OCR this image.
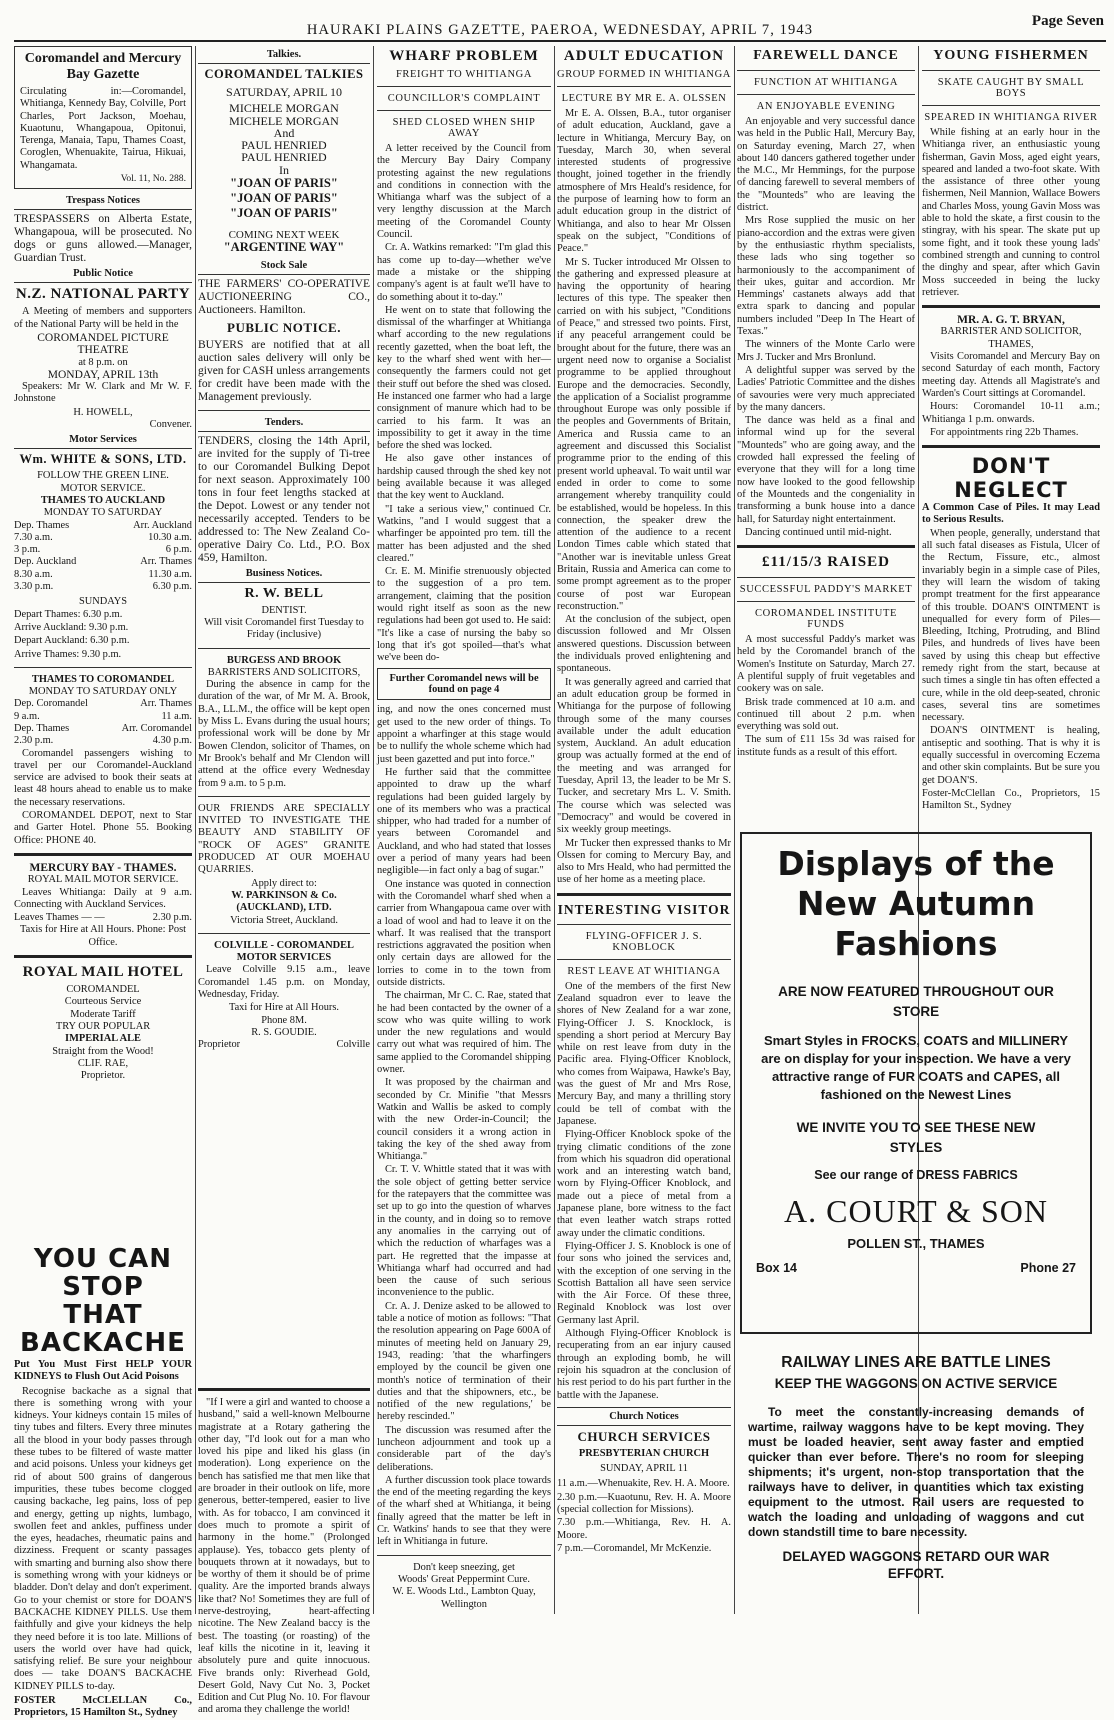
HAURAKI PLAINS GAZETTE, PAEROA, WEDNESDAY, APRIL 7, 1943
Page Seven
Coromandel and Mercury Bay Gazette

Circulating in:—Coromandel, Whitianga, Kennedy Bay, Colville, Port Charles, Port Jackson, Moehau, Kuaotunu, Whangapoua, Opitonui, Terenga, Manaia, Tapu, Thames Coast, Coroglen, Whenuakite, Tairua, Hikuai, Whangamata.

Vol. 11, No. 288.
Trespass Notices

TRESPASSERS on Alberta Estate, Whangapoua, will be prosecuted. No dogs or guns allowed.—Manager, Guardian Trust.

Public Notice
N.Z. NATIONAL PARTY

A Meeting of members and supporters of the National Party will be held in the

COROMANDEL PICTURE THEATRE

at 8 p.m. on

MONDAY, APRIL 13th

Speakers: Mr W. Clark and Mr W. F. Johnstone

H. HOWELL,

Convener.

Motor Services
Wm. WHITE & SONS, LTD.

FOLLOW THE GREEN LINE.

MOTOR SERVICE.

THAMES TO AUCKLAND

MONDAY TO SATURDAY

Dep. Thames	Arr. Auckland
7.30 a.m.	10.30 a.m.
3 p.m.	6 p.m.
Dep. Auckland	Arr. Thames
8.30 a.m.	11.30 a.m.
3.30 p.m.	6.30 p.m.

SUNDAYS

Depart Thames: 6.30 p.m.

Arrive Auckland: 9.30 p.m.

Depart Auckland: 6.30 p.m.

Arrive Thames: 9.30 p.m.

THAMES TO COROMANDEL

MONDAY TO SATURDAY ONLY

Dep. Coromandel	Arr. Thames
9 a.m.	11 a.m.
Dep. Thames	Arr. Coromandel
2.30 p.m.	4.30 p.m.

Coromandel passengers wishing to travel per our Coromandel-Auckland service are advised to book their seats at least 48 hours ahead to enable us to make the necessary reservations.

COROMANDEL DEPOT, next to Star and Garter Hotel. Phone 55. Booking Office: PHONE 40.

MERCURY BAY - THAMES.

ROYAL MAIL MOTOR SERVICE.

Leaves Whitianga: Daily at 9 a.m. Connecting with Auckland Services.

Leaves Thames — —	2.30 p.m.

Taxis for Hire at All Hours. Phone: Post Office.

ROYAL MAIL HOTEL

COROMANDEL

Courteous Service

Moderate Tariff

TRY OUR POPULAR

IMPERIAL ALE

Straight from the Wood!

CLIF. RAE,

Proprietor.

YOU CAN STOP
THAT BACKACHE

Put You Must First HELP YOUR KIDNEYS to Flush Out Acid Poisons

Recognise backache as a signal that there is something wrong with your kidneys. Your kidneys contain 15 miles of tiny tubes and filters. Every three minutes all the blood in your body passes through these tubes to be filtered of waste matter and acid poisons. Unless your kidneys get rid of about 500 grains of dangerous impurities, these tubes become clogged causing backache, leg pains, loss of pep and energy, getting up nights, lumbago, swollen feet and ankles, puffiness under the eyes, headaches, rheumatic pains and dizziness. Frequent or scanty passages with smarting and burning also show there is something wrong with your kidneys or bladder. Don't delay and don't experiment. Go to your chemist or store for DOAN'S BACKACHE KIDNEY PILLS. Use them faithfully and give your kidneys the help they need before it is too late. Millions of users the world over have had quick, satisfying relief. Be sure your neighbour does — take DOAN'S BACKACHE KIDNEY PILLS to-day.

FOSTER McCLELLAN Co., Proprietors, 15 Hamilton St., Sydney

Talkies.
COROMANDEL TALKIES

SATURDAY, APRIL 10

MICHELE MORGAN

MICHELE MORGAN

And

PAUL HENRIED

PAUL HENRIED

In

"JOAN OF PARIS"

"JOAN OF PARIS"

"JOAN OF PARIS"

COMING NEXT WEEK

"ARGENTINE WAY"

Stock Sale

THE FARMERS' CO-OPERATIVE AUCTIONEERING CO., Auctioneers. Hamilton.

PUBLIC NOTICE.

BUYERS are notified that at all auction sales delivery will only be given for CASH unless arrangements for credit have been made with the Management previously.

Tenders.

TENDERS, closing the 14th April, are invited for the supply of Ti-tree to our Coromandel Bulking Depot for next season. Approximately 100 tons in four feet lengths stacked at the Depot. Lowest or any tender not necessarily accepted. Tenders to be addressed to: The New Zealand Co-operative Dairy Co. Ltd., P.O. Box 459, Hamilton.

Business Notices.
R. W. BELL

DENTIST.

Will visit Coromandel first Tuesday to Friday (inclusive)

BURGESS AND BROOK

BARRISTERS AND SOLICITORS,

During the absence in camp for the duration of the war, of Mr M. A. Brook, B.A., LL.M., the office will be kept open by Miss L. Evans during the usual hours; professional work will be done by Mr Bowen Clendon, solicitor of Thames, on Mr Brook's behalf and Mr Clendon will attend at the office every Wednesday from 9 a.m. to 5 p.m.

OUR FRIENDS ARE SPECIALLY INVITED TO INVESTIGATE THE BEAUTY AND STABILITY OF "ROCK OF AGES" GRANITE PRODUCED AT OUR MOEHAU QUARRIES.

Apply direct to:

W. PARKINSON & Co. (AUCKLAND), LTD.

Victoria Street, Auckland.

COLVILLE - COROMANDEL MOTOR SERVICES

Leave Colville 9.15 a.m., leave Coromandel 1.45 p.m. on Monday, Wednesday, Friday.

Taxi for Hire at All Hours.

Phone 8M.

R. S. GOUDIE.

Proprietor	Colville

"If I were a girl and wanted to choose a husband," said a well-known Melbourne magistrate at a Rotary gathering the other day, "I'd look out for a man who loved his pipe and liked his glass (in moderation). Long experience on the bench has satisfied me that men like that are broader in their outlook on life, more generous, better-tempered, easier to live with. As for tobacco, I am convinced it does much to promote a spirit of harmony in the home." (Prolonged applause). Yes, tobacco gets plenty of bouquets thrown at it nowadays, but to be worthy of them it should be of prime quality. Are the imported brands always like that? No! Sometimes they are full of nerve-destroying, heart-affecting nicotine. The New Zealand baccy is the best. The toasting (or roasting) of the leaf kills the nicotine in it, leaving it absolutely pure and quite innocuous. Five brands only: Riverhead Gold, Desert Gold, Navy Cut No. 3, Pocket Edition and Cut Plug No. 10. For flavour and aroma they challenge the world!

WHARF PROBLEM
FREIGHT TO WHITIANGA
COUNCILLOR'S COMPLAINT
SHED CLOSED WHEN SHIP AWAY

A letter received by the Council from the Mercury Bay Dairy Company protesting against the new regulations and conditions in connection with the Whitianga wharf was the subject of a very lengthy discussion at the March meeting of the Coromandel County Council.

Cr. A. Watkins remarked: "I'm glad this has come up to-day—whether we've made a mistake or the shipping company's agent is at fault we'll have to do something about it to-day."

He went on to state that following the dismissal of the wharfinger at Whitianga wharf according to the new regulations recently gazetted, when the boat left, the key to the wharf shed went with her—consequently the farmers could not get their stuff out before the shed was closed. He instanced one farmer who had a large consignment of manure which had to be carried to his farm. It was an impossibility to get it away in the time before the shed was locked.

He also gave other instances of hardship caused through the shed key not being available because it was alleged that the key went to Auckland.

"I take a serious view," continued Cr. Watkins, "and I would suggest that a wharfinger be appointed pro tem. till the matter has been adjusted and the shed cleared."

Cr. E. M. Minifie strenuously objected to the suggestion of a pro tem. arrangement, claiming that the position would right itself as soon as the new regulations had been got used to. He said: "It's like a case of nursing the baby so long that it's got spoiled—that's what we've been do-

Further Coromandel news will be found on page 4

ing, and now the ones concerned must get used to the new order of things. To appoint a wharfinger at this stage would be to nullify the whole scheme which had just been gazetted and put into force."

He further said that the committee appointed to draw up the wharf regulations had been guided largely by one of its members who was a practical shipper, who had traded for a number of years between Coromandel and Auckland, and who had stated that losses over a period of many years had been negligible—in fact only a bag of sugar."

One instance was quoted in connection with the Coromandel wharf shed when a carrier from Whangapoua came over with a load of wool and had to leave it on the wharf. It was realised that the transport restrictions aggravated the position when only certain days are allowed for the lorries to come in to the town from outside districts.

The chairman, Mr C. C. Rae, stated that he had been contacted by the owner of a scow who was quite willing to work under the new regulations and would carry out what was required of him. The same applied to the Coromandel shipping owner.

It was proposed by the chairman and seconded by Cr. Minifie "that Messrs Watkin and Wallis be asked to comply with the new Order-in-Council; the council considers it a wrong action in taking the key of the shed away from Whitianga."

Cr. T. V. Whittle stated that it was with the sole object of getting better service for the ratepayers that the committee was set up to go into the question of wharves in the county, and in doing so to remove any anomalies in the carrying out of which the reduction of wharfages was a part. He regretted that the impasse at Whitianga wharf had occurred and had been the cause of such serious inconvenience to the public.

Cr. A. J. Denize asked to be allowed to table a notice of motion as follows: "That the resolution appearing on Page 600A of minutes of meeting held on January 29, 1943, reading: 'that the wharfingers employed by the council be given one month's notice of termination of their duties and that the shipowners, etc., be notified of the new regulations,' be hereby rescinded."

The discussion was resumed after the luncheon adjournment and took up a considerable part of the day's deliberations.

A further discussion took place towards the end of the meeting regarding the keys of the wharf shed at Whitianga, it being finally agreed that the matter be left in Cr. Watkins' hands to see that they were left in Whitianga in future.

Don't keep sneezing, get

Woods' Great Peppermint Cure.

W. E. Woods Ltd., Lambton Quay,

Wellington

ADULT EDUCATION
GROUP FORMED IN WHITIANGA
LECTURE BY MR E. A. OLSSEN

Mr E. A. Olssen, B.A., tutor organiser of adult education, Auckland, gave a lecture in Whitianga, Mercury Bay, on Tuesday, March 30, when several interested students of progressive thought, joined together in the friendly atmosphere of Mrs Heald's residence, for the purpose of learning how to form an adult education group in the district of Whitianga, and also to hear Mr Olssen speak on the subject, "Conditions of Peace."

Mr S. Tucker introduced Mr Olssen to the gathering and expressed pleasure at having the opportunity of hearing lectures of this type. The speaker then carried on with his subject, "Conditions of Peace," and stressed two points. First, if any peaceful arrangement could be brought about for the future, there was an urgent need now to organise a Socialist programme to be applied throughout Europe and the democracies. Secondly, the application of a Socialist programme throughout Europe was only possible if the peoples and Governments of Britain, America and Russia came to an agreement and discussed this Socialist programme prior to the ending of this present world upheaval. To wait until war ended in order to come to some arrangement whereby tranquility could be established, would be hopeless. In this connection, the speaker drew the attention of the audience to a recent London Times cable which stated that "Another war is inevitable unless Great Britain, Russia and America can come to some prompt agreement as to the proper course of post war European reconstruction."

At the conclusion of the subject, open discussion followed and Mr Olssen answered questions. Discussion between the individuals proved enlightening and spontaneous.

It was generally agreed and carried that an adult education group be formed in Whitianga for the purpose of following through some of the many courses available under the adult education system, Auckland. An adult education group was actually formed at the end of the meeting and was arranged for Tuesday, April 13, the leader to be Mr S. Tucker, and secretary Mrs L. V. Smith. The course which was selected was "Democracy" and would be covered in six weekly group meetings.

Mr Tucker then expressed thanks to Mr Olssen for coming to Mercury Bay, and also to Mrs Heald, who had permitted the use of her home as a meeting place.

INTERESTING VISITOR
FLYING-OFFICER J. S. KNOBLOCK
REST LEAVE AT WHITIANGA

One of the members of the first New Zealand squadron ever to leave the shores of New Zealand for a war zone, Flying-Officer J. S. Knocklock, is spending a short period at Mercury Bay while on rest leave from duty in the Pacific area. Flying-Officer Knoblock, who comes from Waipawa, Hawke's Bay, was the guest of Mr and Mrs Rose, Mercury Bay, and many a thrilling story could be tell of combat with the Japanese.

Flying-Officer Knoblock spoke of the trying climatic conditions of the zone from which his squadron did operational work and an interesting watch band, worn by Flying-Officer Knoblock, and made out a piece of metal from a Japanese plane, bore witness to the fact that even leather watch straps rotted away under the climatic conditions.

Flying-Officer J. S. Knoblock is one of four sons who joined the services and, with the exception of one serving in the Scottish Battalion all have seen service with the Air Force. Of these three, Reginald Knoblock was lost over Germany last April.

Although Flying-Officer Knoblock is recuperating from an ear injury caused through an exploding bomb, he will rejoin his squadron at the conclusion of his rest period to do his part further in the battle with the Japanese.

Church Notices
CHURCH SERVICES

PRESBYTERIAN CHURCH

SUNDAY, APRIL 11

11 a.m.—Whenuakite, Rev. H. A. Moore.

2.30 p.m.—Kuaotunu, Rev. H. A. Moore (special collection for Missions).

7.30 p.m.—Whitianga, Rev. H. A. Moore.

7 p.m.—Coromandel, Mr McKenzie.

FAREWELL DANCE
FUNCTION AT WHITIANGA
AN ENJOYABLE EVENING

An enjoyable and very successful dance was held in the Public Hall, Mercury Bay, on Saturday evening, March 27, when about 140 dancers gathered together under the M.C., Mr Hemmings, for the purpose of dancing farewell to several members of the "Mounteds" who are leaving the district.

Mrs Rose supplied the music on her piano-accordion and the extras were given by the enthusiastic rhythm specialists, these lads who sing together so harmoniously to the accompaniment of their ukes, guitar and accordion. Mr Hemmings' castanets always add that extra spark to dancing and popular numbers included "Deep In The Heart of Texas."

The winners of the Monte Carlo were Mrs J. Tucker and Mrs Bronlund.

A delightful supper was served by the Ladies' Patriotic Committee and the dishes of savouries were very much appreciated by the many dancers.

The dance was held as a final and informal wind up for the several "Mounteds" who are going away, and the crowded hall expressed the feeling of everyone that they will for a long time now have looked to the good fellowship of the Mounteds and the congeniality in transforming a bunk house into a dance hall, for Saturday night entertainment.

Dancing continued until mid-night.

£11/15/3 RAISED
SUCCESSFUL PADDY'S MARKET
COROMANDEL INSTITUTE FUNDS

A most successful Paddy's market was held by the Coromandel branch of the Women's Institute on Saturday, March 27. A plentiful supply of fruit vegetables and cookery was on sale.

Brisk trade commenced at 10 a.m. and continued till about 2 p.m. when everything was sold out.

The sum of £11 15s 3d was raised for institute funds as a result of this effort.

YOUNG FISHERMEN
SKATE CAUGHT BY SMALL BOYS
SPEARED IN WHITIANGA RIVER

While fishing at an early hour in the Whitianga river, an enthusiastic young fisherman, Gavin Moss, aged eight years, speared and landed a two-foot skate. With the assistance of three other young fishermen, Neil Mannion, Wallace Bowers and Charles Moss, young Gavin Moss was able to hold the skate, a first cousin to the stingray, with his spear. The skate put up some fight, and it took these young lads' combined strength and cunning to control the dinghy and spear, after which Gavin Moss succeeded in being the lucky retriever.

MR. A. G. T. BRYAN,

BARRISTER AND SOLICITOR,

THAMES,

Visits Coromandel and Mercury Bay on second Saturday of each month, Factory meeting day. Attends all Magistrate's and Warden's Court sittings at Coromandel.

Hours: Coromandel 10-11 a.m.; Whitianga 1 p.m. onwards.

For appointments ring 22b Thames.

DON'T NEGLECT

A Common Case of Piles. It may Lead to Serious Results.

When people, generally, understand that all such fatal diseases as Fistula, Ulcer of the Rectum, Fissure, etc., almost invariably begin in a simple case of Piles, they will learn the wisdom of taking prompt treatment for the first appearance of this trouble. DOAN'S OINTMENT is unequalled for every form of Piles—Bleeding, Itching, Protruding, and Blind Piles, and hundreds of lives have been saved by using this cheap but effective remedy right from the start, because at such times a single tin has often effected a cure, while in the old deep-seated, chronic cases, several tins are sometimes necessary.

DOAN'S OINTMENT is healing, antiseptic and soothing. That is why it is equally successful in overcoming Eczema and other skin complaints. But be sure you get DOAN'S.

Foster-McClellan Co., Proprietors, 15 Hamilton St., Sydney

Displays of the
New Autumn
Fashions
ARE NOW FEATURED THROUGHOUT OUR STORE
Smart Styles in FROCKS, COATS and MILLINERY are on display for your inspection. We have a very attractive range of FUR COATS and CAPES, all fashioned on the Newest Lines
WE INVITE YOU TO SEE THESE NEW STYLES
See our range of DRESS FABRICS
A. COURT & SON
POLLEN ST., THAMES
Box 14	Phone 27
RAILWAY LINES ARE BATTLE LINES
KEEP THE WAGGONS ON ACTIVE SERVICE

To meet the constantly-increasing demands of wartime, railway waggons have to be kept moving. They must be loaded heavier, sent away faster and emptied quicker than ever before. There's no room for sleeping shipments; it's urgent, non-stop transportation that the railways have to deliver, in quantities which tax existing equipment to the utmost. Rail users are requested to watch the loading and unloading of waggons and cut down standstill time to bare necessity.

DELAYED WAGGONS RETARD OUR WAR EFFORT.
